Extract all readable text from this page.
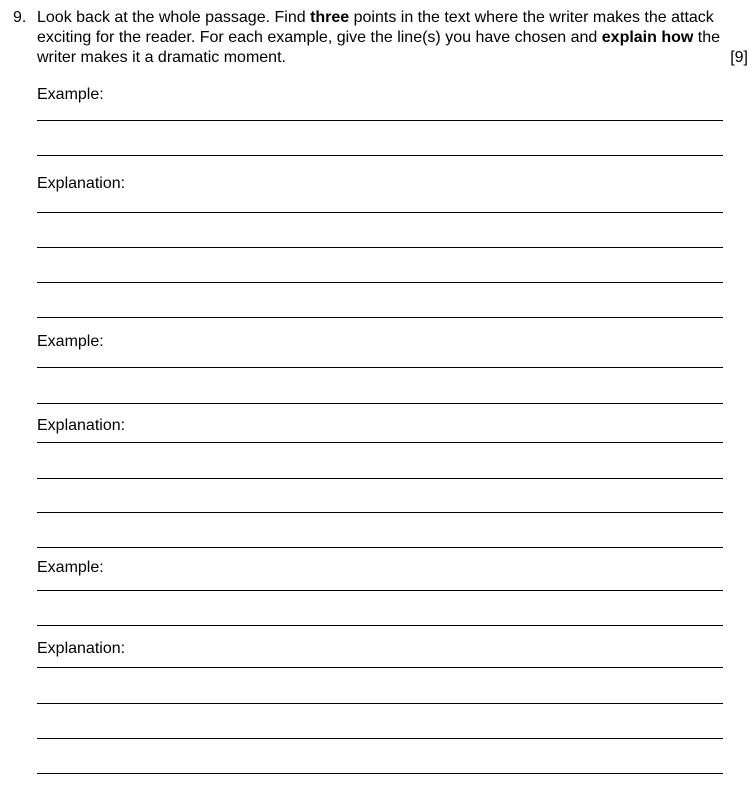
9. Look back at the whole passage. Find three points in the text where the writer makes the attack exciting for the reader. For each example, give the line(s) you have chosen and explain how the writer makes it a dramatic moment.	[9]
Example:
Explanation:
Example:
Explanation:
Example:
Explanation:
